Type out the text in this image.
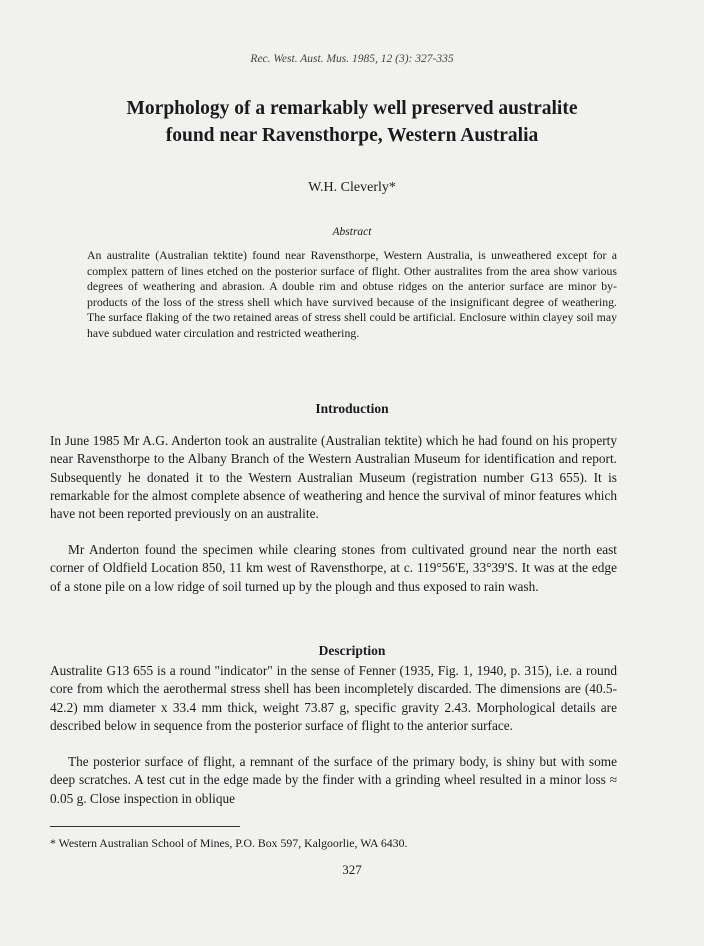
Rec. West. Aust. Mus. 1985, 12 (3): 327-335
Morphology of a remarkably well preserved australite
found near Ravensthorpe, Western Australia
W.H. Cleverly*
Abstract

An australite (Australian tektite) found near Ravensthorpe, Western Australia, is unweathered except for a complex pattern of lines etched on the posterior surface of flight. Other australites from the area show various degrees of weathering and abrasion. A double rim and obtuse ridges on the anterior surface are minor by-products of the loss of the stress shell which have survived because of the insignificant degree of weathering. The surface flaking of the two retained areas of stress shell could be artificial. Enclosure within clayey soil may have subdued water circulation and restricted weathering.

Introduction

In June 1985 Mr A.G. Anderton took an australite (Australian tektite) which he had found on his property near Ravensthorpe to the Albany Branch of the Western Australian Museum for identification and report. Subsequently he donated it to the Western Australian Museum (registration number G13 655). It is remarkable for the almost complete absence of weathering and hence the survival of minor features which have not been reported previously on an australite.

Mr Anderton found the specimen while clearing stones from cultivated ground near the north east corner of Oldfield Location 850, 11 km west of Ravensthorpe, at c. 119°56'E, 33°39'S. It was at the edge of a stone pile on a low ridge of soil turned up by the plough and thus exposed to rain wash.

Description

Australite G13 655 is a round "indicator" in the sense of Fenner (1935, Fig. 1, 1940, p. 315), i.e. a round core from which the aerothermal stress shell has been incompletely discarded. The dimensions are (40.5-42.2) mm diameter x 33.4 mm thick, weight 73.87 g, specific gravity 2.43. Morphological details are described below in sequence from the posterior surface of flight to the anterior surface.

The posterior surface of flight, a remnant of the surface of the primary body, is shiny but with some deep scratches. A test cut in the edge made by the finder with a grinding wheel resulted in a minor loss ≈ 0.05 g. Close inspection in oblique

* Western Australian School of Mines, P.O. Box 597, Kalgoorlie, WA 6430.
327
